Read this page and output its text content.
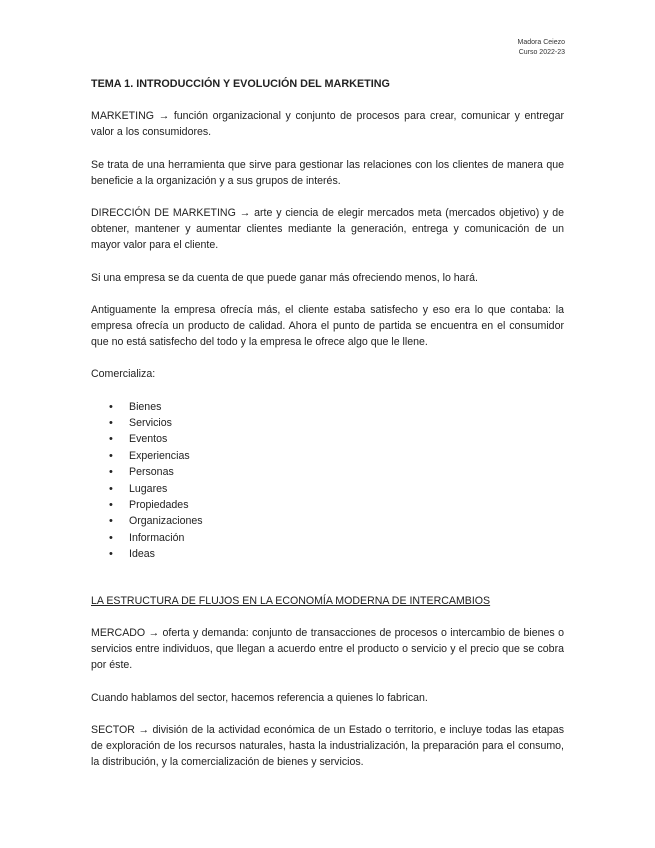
Madora Ceiezo
Curso 2022-23
TEMA 1. INTRODUCCIÓN Y EVOLUCIÓN DEL MARKETING

MARKETING → función organizacional y conjunto de procesos para crear, comunicar y entregar valor a los consumidores.

Se trata de una herramienta que sirve para gestionar las relaciones con los clientes de manera que beneficie a la organización y a sus grupos de interés.

DIRECCIÓN DE MARKETING → arte y ciencia de elegir mercados meta (mercados objetivo) y de obtener, mantener y aumentar clientes mediante la generación, entrega y comunicación de un mayor valor para el cliente.

Si una empresa se da cuenta de que puede ganar más ofreciendo menos, lo hará.

Antiguamente la empresa ofrecía más, el cliente estaba satisfecho y eso era lo que contaba: la empresa ofrecía un producto de calidad. Ahora el punto de partida se encuentra en el consumidor que no está satisfecho del todo y la empresa le ofrece algo que le llene.

Comercializa:

• Bienes
• Servicios
• Eventos
• Experiencias
• Personas
• Lugares
• Propiedades
• Organizaciones
• Información
• Ideas
LA ESTRUCTURA DE FLUJOS EN LA ECONOMÍA MODERNA DE INTERCAMBIOS

MERCADO → oferta y demanda: conjunto de transacciones de procesos o intercambio de bienes o servicios entre individuos, que llegan a acuerdo entre el producto o servicio y el precio que se cobra por éste.

Cuando hablamos del sector, hacemos referencia a quienes lo fabrican.

SECTOR → división de la actividad económica de un Estado o territorio, e incluye todas las etapas de exploración de los recursos naturales, hasta la industrialización, la preparación para el consumo, la distribución, y la comercialización de bienes y servicios.
